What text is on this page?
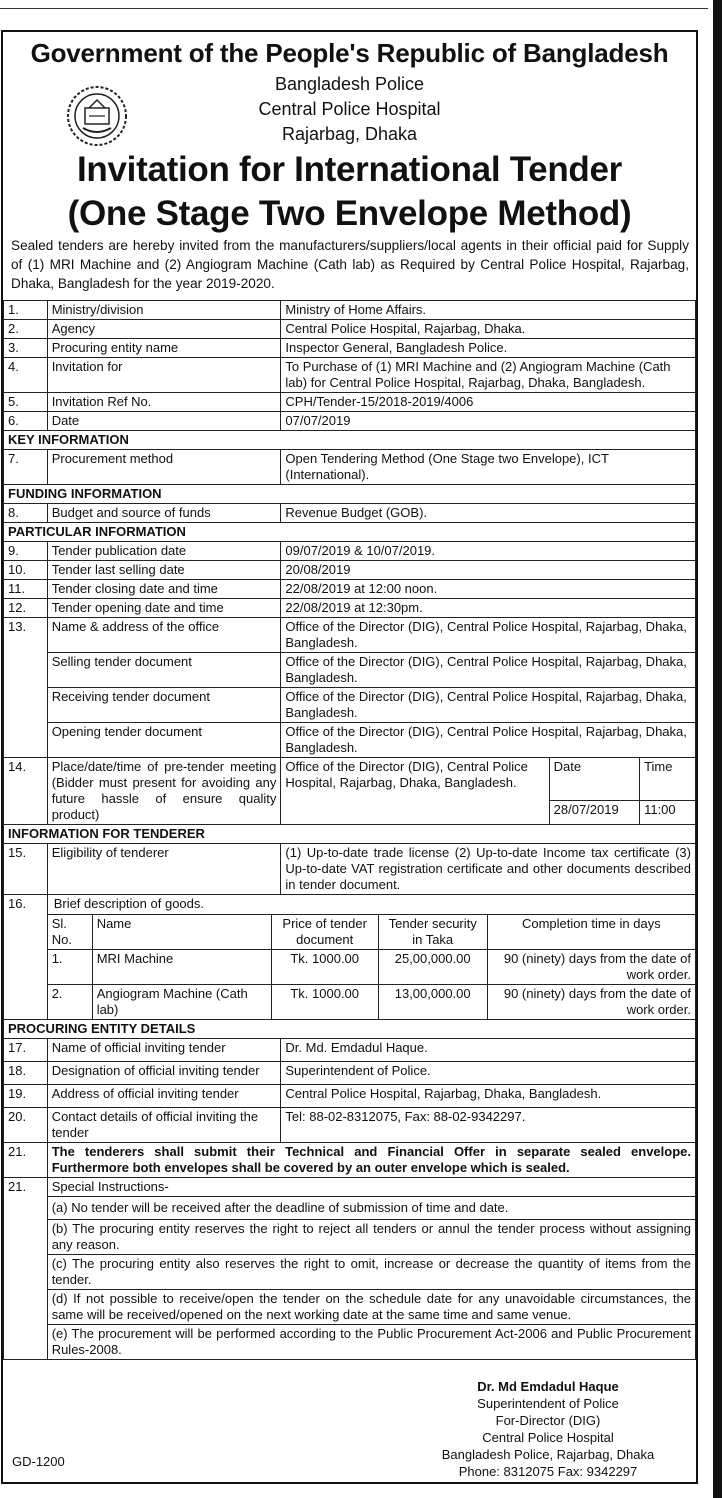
Government of the People's Republic of Bangladesh
Bangladesh Police
Central Police Hospital
Rajarbag, Dhaka
Invitation for International Tender
(One Stage Two Envelope Method)
Sealed tenders are hereby invited from the manufacturers/suppliers/local agents in their official paid for Supply of (1) MRI Machine and (2) Angiogram Machine (Cath lab) as Required by Central Police Hospital, Rajarbag, Dhaka, Bangladesh for the year 2019-2020.
1.	Ministry/division	Ministry of Home Affairs.
2.	Agency	Central Police Hospital, Rajarbag, Dhaka.
3.	Procuring entity name	Inspector General, Bangladesh Police.
4.	Invitation for	To Purchase of (1) MRI Machine and (2) Angiogram Machine (Cath lab) for Central Police Hospital, Rajarbag, Dhaka, Bangladesh.
5.	Invitation Ref No.	CPH/Tender-15/2018-2019/4006
6.	Date	07/07/2019
KEY INFORMATION
7.	Procurement method	Open Tendering Method (One Stage two Envelope), ICT (International).
FUNDING INFORMATION
8.	Budget and source of funds	Revenue Budget (GOB).
PARTICULAR INFORMATION
9.	Tender publication date	09/07/2019 & 10/07/2019.
10.	Tender last selling date	20/08/2019
11.	Tender closing date and time	22/08/2019 at 12:00 noon.
12.	Tender opening date and time	22/08/2019 at 12:30pm.
13.	Name & address of the office	Office of the Director (DIG), Central Police Hospital, Rajarbag, Dhaka, Bangladesh.
Selling tender document	Office of the Director (DIG), Central Police Hospital, Rajarbag, Dhaka, Bangladesh.
Receiving tender document	Office of the Director (DIG), Central Police Hospital, Rajarbag, Dhaka, Bangladesh.
Opening tender document	Office of the Director (DIG), Central Police Hospital, Rajarbag, Dhaka, Bangladesh.
14.	Place/date/time of pre-tender meeting (Bidder must present for avoiding any future hassle of ensure quality product)	Office of the Director (DIG), Central Police Hospital, Rajarbag, Dhaka, Bangladesh.	Date	Time
28/07/2019	11:00
INFORMATION FOR TENDERER
15.	Eligibility of tenderer	(1) Up-to-date trade license (2) Up-to-date Income tax certificate (3) Up-to-date VAT registration certificate and other documents described in tender document.
16.	Brief description of goods.
Sl. No.	Name	Price of tender document	Tender security in Taka	Completion time in days
1.	MRI Machine	Tk. 1000.00	25,00,000.00	90 (ninety) days from the date of work order.
2.	Angiogram Machine (Cath lab)	Tk. 1000.00	13,00,000.00	90 (ninety) days from the date of work order.

PROCURING ENTITY DETAILS
17.	Name of official inviting tender	Dr. Md. Emdadul Haque.
18.	Designation of official inviting tender	Superintendent of Police.
19.	Address of official inviting tender	Central Police Hospital, Rajarbag, Dhaka, Bangladesh.
20.	Contact details of official inviting the tender	Tel: 88-02-8312075, Fax: 88-02-9342297.
21.	The tenderers shall submit their Technical and Financial Offer in separate sealed envelope. Furthermore both envelopes shall be covered by an outer envelope which is sealed.
21.	Special Instructions-
(a) No tender will be received after the deadline of submission of time and date.
(b) The procuring entity reserves the right to reject all tenders or annul the tender process without assigning any reason.
(c) The procuring entity also reserves the right to omit, increase or decrease the quantity of items from the tender.
(d) If not possible to receive/open the tender on the schedule date for any unavoidable circumstances, the same will be received/opened on the next working date at the same time and same venue.
(e) The procurement will be performed according to the Public Procurement Act-2006 and Public Procurement Rules-2008.
Dr. Md Emdadul Haque
Superintendent of Police
For-Director (DIG)
Central Police Hospital
Bangladesh Police, Rajarbag, Dhaka
Phone: 8312075 Fax: 9342297
GD-1200
